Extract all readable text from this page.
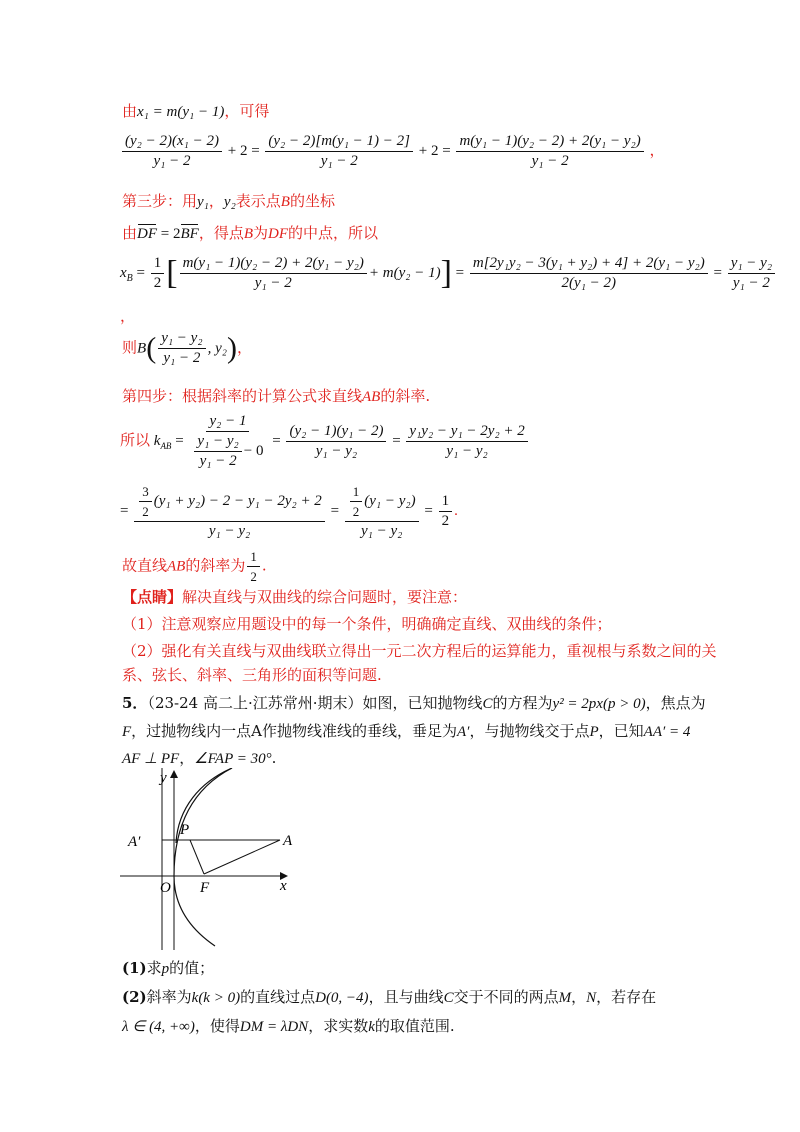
由x₁ = m(y₁ − 1)，可得
$\frac{\text{(y₂ − 2)(x₁ − 2)}}{\text{y₁ − 2}} + 2 = \frac{\text{(y₂ − 2)[m(y₁ − 1) − 2]}}{\text{y₁ − 2}} + 2 = \frac{\text{m(y₁ − 1)(y₂ − 2) + 2(y₁ − y₂)}}{\text{y₁ − 2}}$ ，
第三步：用y₁，y₂表示点B的坐标
由DF = 2BF，得点B为DF的中点，所以
$x_B = \frac{1}{2}$ [ $\frac{\text{m(y₁ − 1)(y₂ − 2) + 2(y₁ − y₂)}}{\text{y₁ − 2}} + m(y_2 - 1)] = \frac{\text{m[2y₁y₂ − 3(y₁ + y₂) + 4] + 2(y₁ − y₂)}}{\text{2(y₁ − 2)}} = \frac{\text{y₁ − y₂}}{\text{y₁ − 2}}$
，
则$B( \frac{\text{y₁ − y₂}}{\text{y₁ − 2}}$ , y₂)，
第四步：根据斜率的计算公式求直线AB的斜率.
所以 $k_{AB} = \frac{\text{y₂ − 1}}{\frac{\text{y₁ − y₂}}{\text{y₁ − 2}} - 0} = \frac{\text{(y₂ − 1)(y₁ − 2)}}{\text{y₁ − y₂}} = \frac{\text{y₁y₂ − y₁ − 2y₂ + 2}}{\text{y₁ − y₂}}$
= $\frac{\frac{3}{2} (y_1 + y_2) - 2 - y_1 - 2y_2 + 2}{\text{y₁ − y₂}} = \frac{\frac{1}{2} (y_1 - y_2)}{\text{y₁ − y₂}} = \frac{1}{2}$ .
故直线AB的斜率为 $\frac{1}{2}$ .
【点睛】解决直线与双曲线的综合问题时，要注意：
（1）注意观察应用题设中的每一个条件，明确确定直线、双曲线的条件；
（2）强化有关直线与双曲线联立得出一元二次方程后的运算能力，重视根与系数之间的关
系、弦长、斜率、三角形的面积等问题.
5．（23-24 高二上·江苏常州·期末）如图，已知抛物线C的方程为y² = 2px(p > 0)，焦点为
F，过抛物线内一点A作抛物线准线的垂线，垂足为A′，与抛物线交于点P，已知AA′ = 4
AF ⊥ PF，∠FAP = 30°.
y
x
O F
P
A
A′
(1)求p的值；
(2)斜率为k(k > 0)的直线过点D(0, −4)，且与曲线C交于不同的两点M，N，若存在
λ ∈ (4, +∞)，使得DM = λDN，求实数k的取值范围.
